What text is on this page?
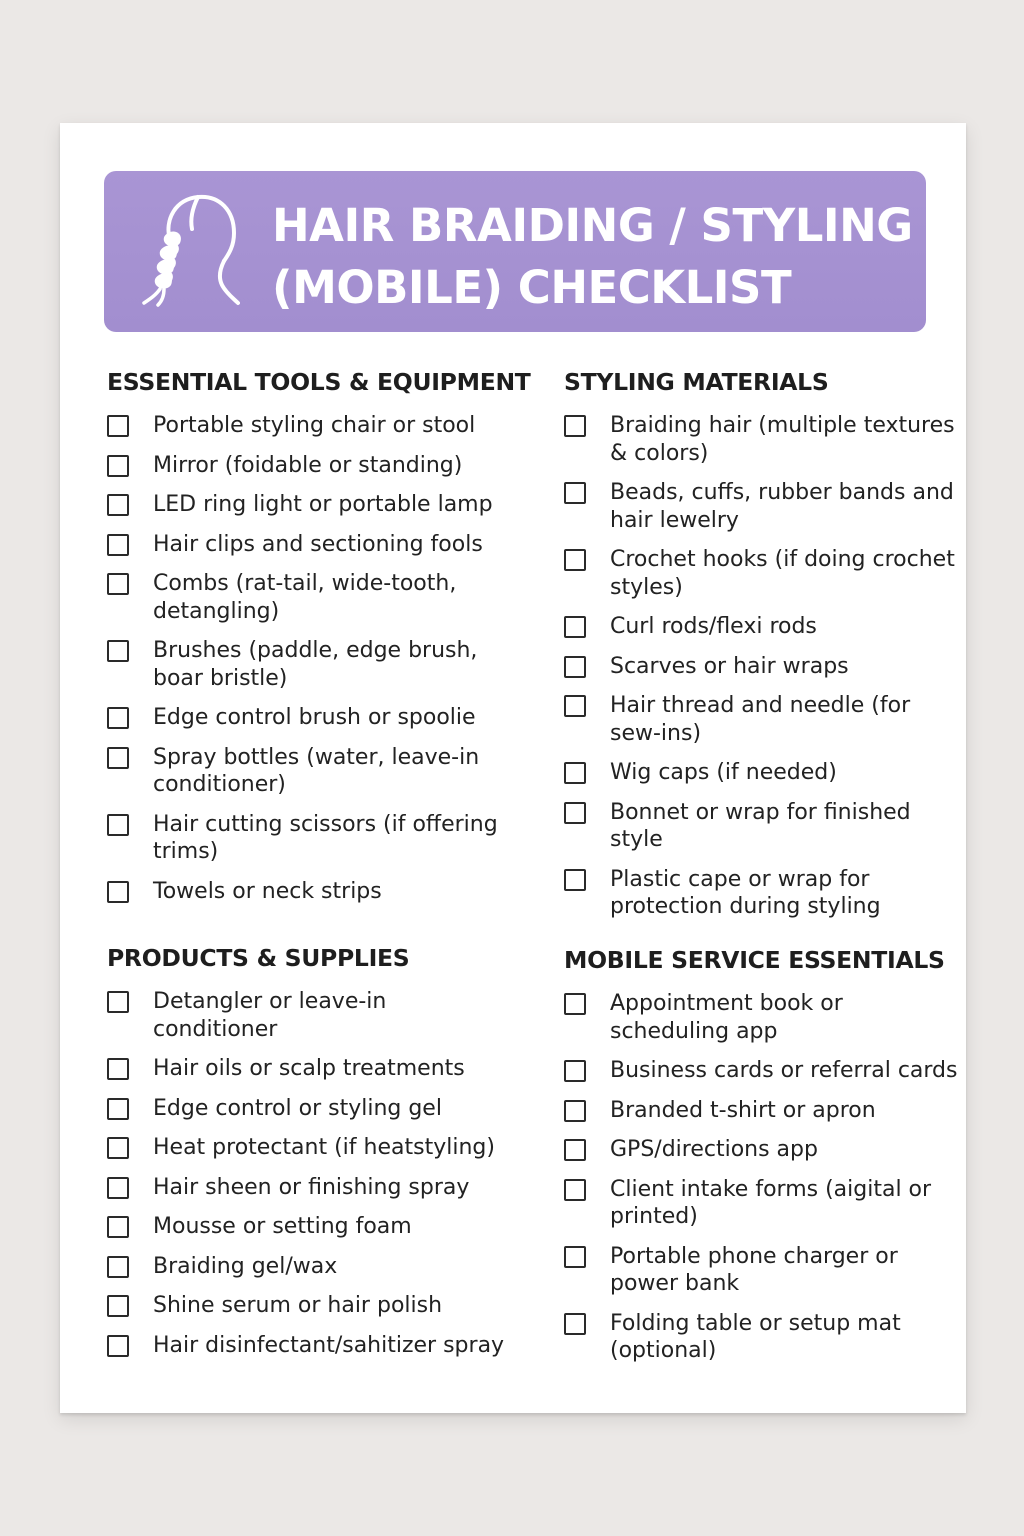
HAIR BRAIDING / STYLING
(MOBILE) CHECKLIST
ESSENTIAL TOOLS & EQUIPMENT
Portable styling chair or stool
Mirror (foidable or standing)
LED ring light or portable lamp
Hair clips and sectioning fools
Combs (rat-tail, wide-tooth, detangling)
Brushes (paddle, edge brush, boar bristle)
Edge control brush or spoolie
Spray bottles (water, leave-in conditioner)
Hair cutting scissors (if offering trims)
Towels or neck strips
PRODUCTS & SUPPLIES
Detangler or leave-in conditioner
Hair oils or scalp treatments
Edge control or styling gel
Heat protectant (if heatstyling)
Hair sheen or finishing spray
Mousse or setting foam
Braiding gel/wax
Shine serum or hair polish
Hair disinfectant/sahitizer spray
STYLING MATERIALS
Braiding hair (multiple textures & colors)
Beads, cuffs, rubber bands and hair lewelry
Crochet hooks (if doing crochet styles)
Curl rods/flexi rods
Scarves or hair wraps
Hair thread and needle (for sew-ins)
Wig caps (if needed)
Bonnet or wrap for finished style
Plastic cape or wrap for protection during styling
MOBILE SERVICE ESSENTIALS
Appointment book or scheduling app
Business cards or referral cards
Branded t-shirt or apron
GPS/directions app
Client intake forms (aigital or printed)
Portable phone charger or power bank
Folding table or setup mat (optional)
